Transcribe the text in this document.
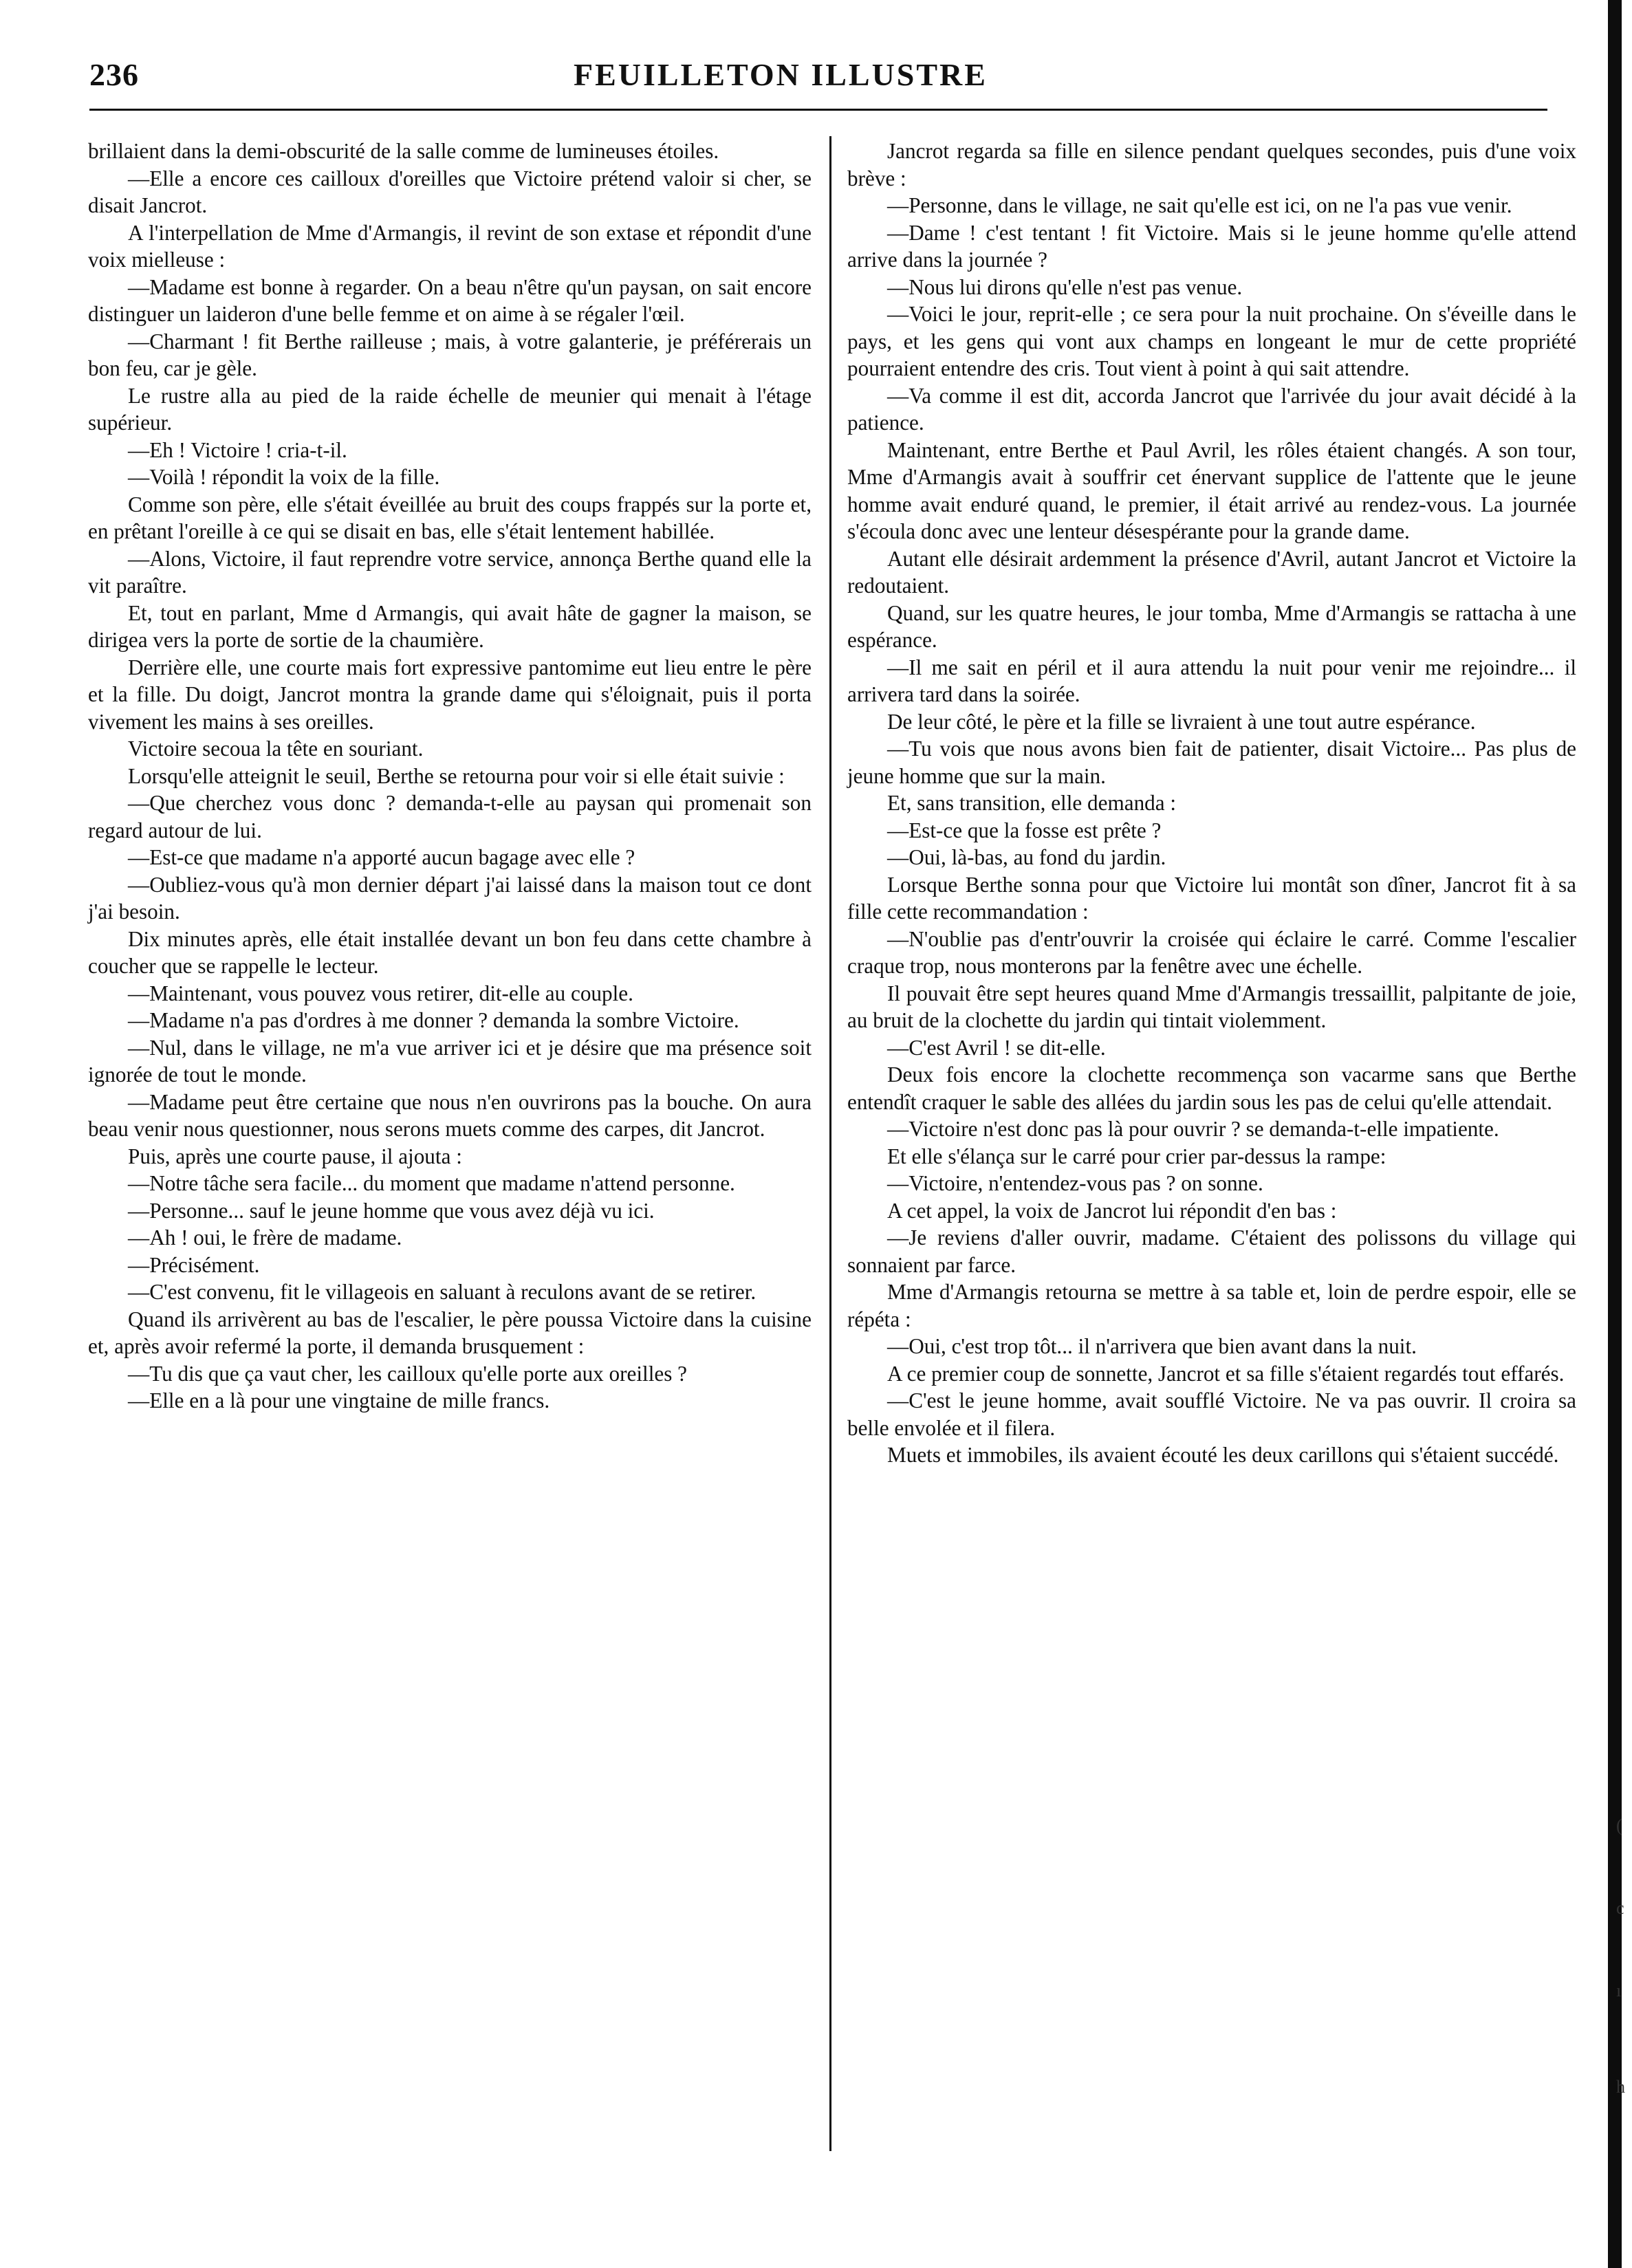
236	FEUILLETON ILLUSTRE

brillaient dans la demi-obscurité de la salle comme de lumineuses étoiles.

—Elle a encore ces cailloux d'oreilles que Victoire prétend valoir si cher, se disait Jancrot.

A l'interpellation de Mme d'Armangis, il revint de son extase et répondit d'une voix mielleuse :

—Madame est bonne à regarder. On a beau n'être qu'un paysan, on sait encore distinguer un laideron d'une belle femme et on aime à se régaler l'œil.

—Charmant ! fit Berthe railleuse ; mais, à votre galanterie, je préférerais un bon feu, car je gèle.

Le rustre alla au pied de la raide échelle de meunier qui menait à l'étage supérieur.

—Eh ! Victoire ! cria-t-il.

—Voilà ! répondit la voix de la fille.

Comme son père, elle s'était éveillée au bruit des coups frappés sur la porte et, en prêtant l'oreille à ce qui se disait en bas, elle s'était lentement habillée.

—Alons, Victoire, il faut reprendre votre service, annonça Berthe quand elle la vit paraître.

Et, tout en parlant, Mme d Armangis, qui avait hâte de gagner la maison, se dirigea vers la porte de sortie de la chaumière.

Derrière elle, une courte mais fort expressive pantomime eut lieu entre le père et la fille. Du doigt, Jancrot montra la grande dame qui s'éloignait, puis il porta vivement les mains à ses oreilles.

Victoire secoua la tête en souriant.

Lorsqu'elle atteignit le seuil, Berthe se retourna pour voir si elle était suivie :

—Que cherchez vous donc ? demanda-t-elle au paysan qui promenait son regard autour de lui.

—Est-ce que madame n'a apporté aucun bagage avec elle ?

—Oubliez-vous qu'à mon dernier départ j'ai laissé dans la maison tout ce dont j'ai besoin.

Dix minutes après, elle était installée devant un bon feu dans cette chambre à coucher que se rappelle le lecteur.

—Maintenant, vous pouvez vous retirer, dit-elle au couple.

—Madame n'a pas d'ordres à me donner ? demanda la sombre Victoire.

—Nul, dans le village, ne m'a vue arriver ici et je désire que ma présence soit ignorée de tout le monde.

—Madame peut être certaine que nous n'en ouvrirons pas la bouche. On aura beau venir nous questionner, nous serons muets comme des carpes, dit Jancrot.

Puis, après une courte pause, il ajouta :

—Notre tâche sera facile... du moment que madame n'attend personne.

—Personne... sauf le jeune homme que vous avez déjà vu ici.

—Ah ! oui, le frère de madame.

—Précisément.

—C'est convenu, fit le villageois en saluant à reculons avant de se retirer.

Quand ils arrivèrent au bas de l'escalier, le père poussa Victoire dans la cuisine et, après avoir refermé la porte, il demanda brusquement :

—Tu dis que ça vaut cher, les cailloux qu'elle porte aux oreilles ?

—Elle en a là pour une vingtaine de mille francs.

Jancrot regarda sa fille en silence pendant quelques secondes, puis d'une voix brève :

—Personne, dans le village, ne sait qu'elle est ici, on ne l'a pas vue venir.

—Dame ! c'est tentant ! fit Victoire. Mais si le jeune homme qu'elle attend arrive dans la journée ?

—Nous lui dirons qu'elle n'est pas venue.

—Voici le jour, reprit-elle ; ce sera pour la nuit prochaine. On s'éveille dans le pays, et les gens qui vont aux champs en longeant le mur de cette propriété pourraient entendre des cris. Tout vient à point à qui sait attendre.

—Va comme il est dit, accorda Jancrot que l'arrivée du jour avait décidé à la patience.

Maintenant, entre Berthe et Paul Avril, les rôles étaient changés. A son tour, Mme d'Armangis avait à souffrir cet énervant supplice de l'attente que le jeune homme avait enduré quand, le premier, il était arrivé au rendez-vous. La journée s'écoula donc avec une lenteur désespérante pour la grande dame.

Autant elle désirait ardemment la présence d'Avril, autant Jancrot et Victoire la redoutaient.

Quand, sur les quatre heures, le jour tomba, Mme d'Armangis se rattacha à une espérance.

—Il me sait en péril et il aura attendu la nuit pour venir me rejoindre... il arrivera tard dans la soirée.

De leur côté, le père et la fille se livraient à une tout autre espérance.

—Tu vois que nous avons bien fait de patienter, disait Victoire... Pas plus de jeune homme que sur la main.

Et, sans transition, elle demanda :

—Est-ce que la fosse est prête ?

—Oui, là-bas, au fond du jardin.

Lorsque Berthe sonna pour que Victoire lui montât son dîner, Jancrot fit à sa fille cette recommandation :

—N'oublie pas d'entr'ouvrir la croisée qui éclaire le carré. Comme l'escalier craque trop, nous monterons par la fenêtre avec une échelle.

Il pouvait être sept heures quand Mme d'Armangis tressaillit, palpitante de joie, au bruit de la clochette du jardin qui tintait violemment.

—C'est Avril ! se dit-elle.

Deux fois encore la clochette recommença son vacarme sans que Berthe entendît craquer le sable des allées du jardin sous les pas de celui qu'elle attendait.

—Victoire n'est donc pas là pour ouvrir ? se demanda-t-elle impatiente.

Et elle s'élança sur le carré pour crier par-dessus la rampe:

—Victoire, n'entendez-vous pas ? on sonne.

A cet appel, la voix de Jancrot lui répondit d'en bas :

—Je reviens d'aller ouvrir, madame. C'étaient des polissons du village qui sonnaient par farce.

Mme d'Armangis retourna se mettre à sa table et, loin de perdre espoir, elle se répéta :

—Oui, c'est trop tôt... il n'arrivera que bien avant dans la nuit.

A ce premier coup de sonnette, Jancrot et sa fille s'étaient regardés tout effarés.

—C'est le jeune homme, avait soufflé Victoire. Ne va pas ouvrir. Il croira sa belle envolée et il filera.

Muets et immobiles, ils avaient écouté les deux carillons qui s'étaient succédé.

(
c
ı
h
